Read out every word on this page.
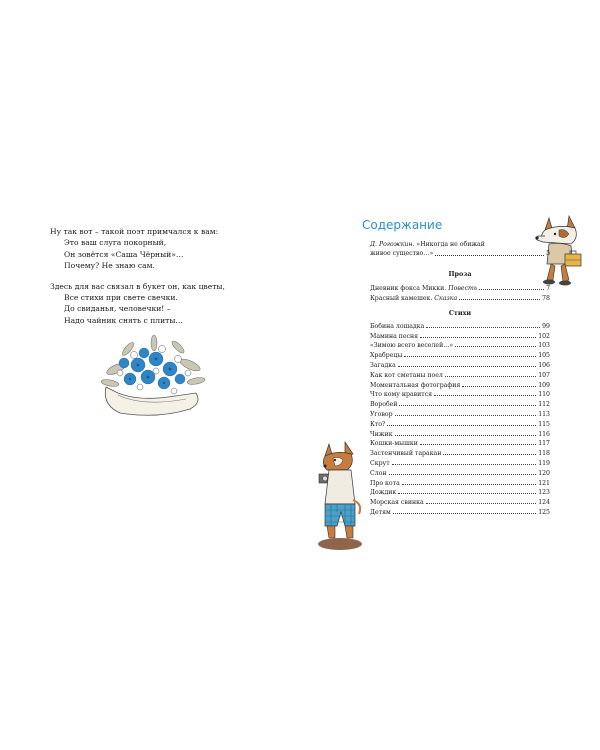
Ну так вот – такой поэт примчался к вам:
Это ваш слуга покорный,
Он зовётся «Саша Чёрный»…
Почему? Не знаю сам.
Здесь для вас связал в букет он, как цветы,
Все стихи при свете свечки.
До свиданья, человечки! –
Надо чайник снять с плиты…
Содержание
Д. Рогожкин.
«Никогда не обижай
живое существо…»	5
Проза
Дневник фокса Микки. Повесть	7
Красный камешек. Сказка	78
Стихи
Бобина лошадка	99
Мамина песня	102
«Зимою всего веселей…»	103
Храбрецы	105
Загадка	106
Как кот сметаны поел	107
Моментальная фотография	109
Что кому нравится	110
Воробей	112
Уговор	113
Кто?	115
Чижик	116
Кошки-мышки	117
Застенчивый таракан	118
Скрут	119
Слон	120
Про кота	121
Дождик	123
Морская свинка	124
Детям	125
